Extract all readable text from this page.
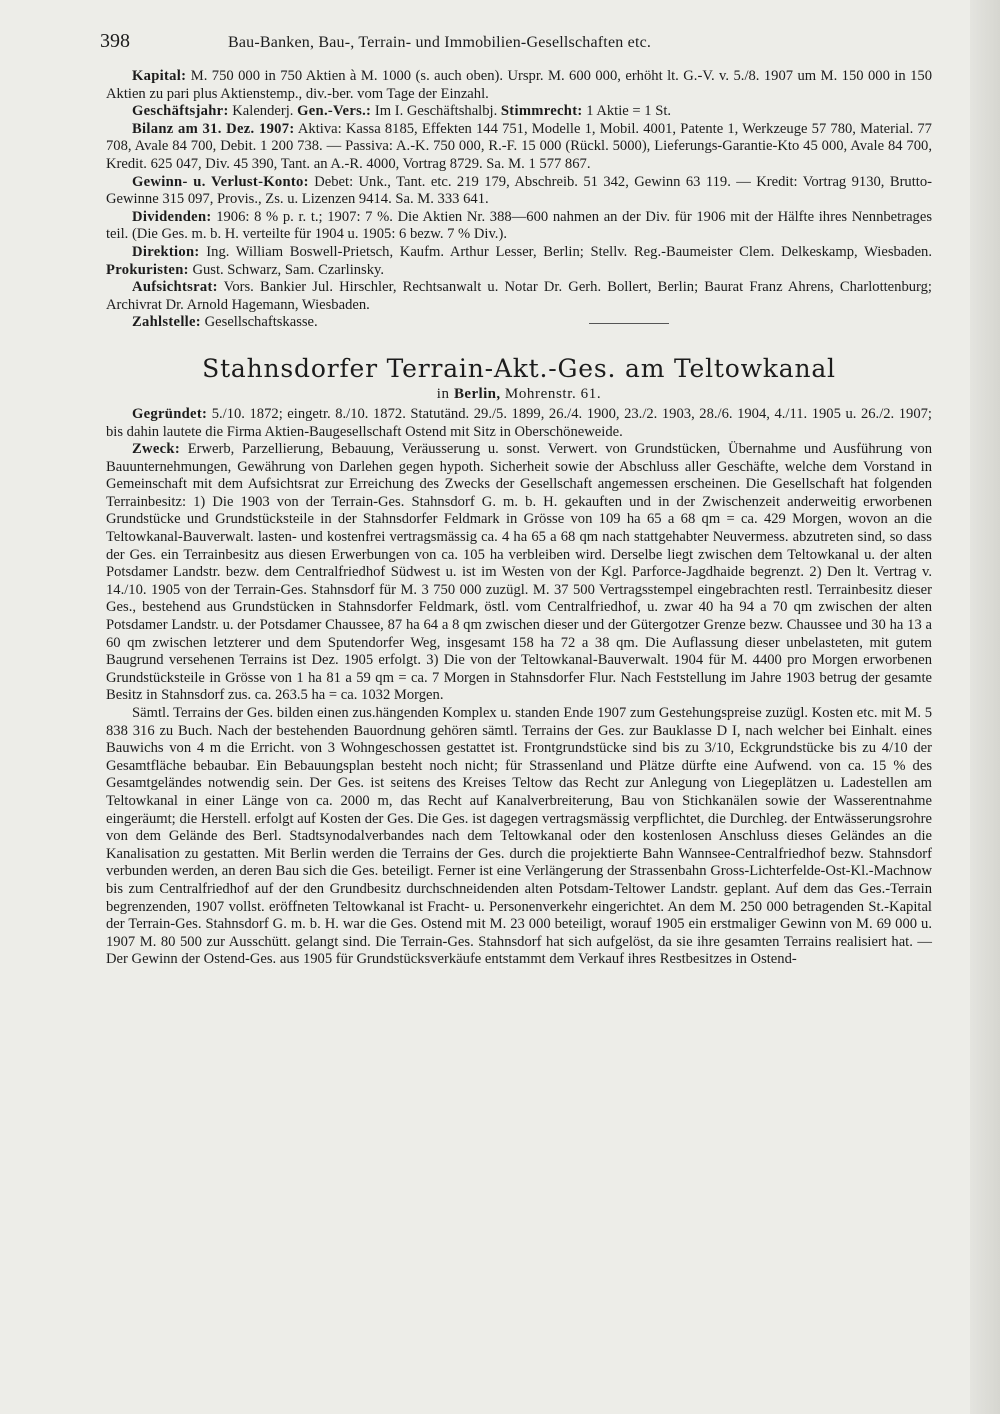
398	Bau-Banken, Bau-, Terrain- und Immobilien-Gesellschaften etc.

Kapital: M. 750 000 in 750 Aktien à M. 1000 (s. auch oben). Urspr. M. 600 000, erhöht lt. G.-V. v. 5./8. 1907 um M. 150 000 in 150 Aktien zu pari plus Aktienstemp., div.-ber. vom Tage der Einzahl.

Geschäftsjahr: Kalenderj. Gen.-Vers.: Im I. Geschäftshalbj. Stimmrecht: 1 Aktie = 1 St.

Bilanz am 31. Dez. 1907: Aktiva: Kassa 8185, Effekten 144 751, Modelle 1, Mobil. 4001, Patente 1, Werkzeuge 57 780, Material. 77 708, Avale 84 700, Debit. 1 200 738. — Passiva: A.-K. 750 000, R.-F. 15 000 (Rückl. 5000), Lieferungs-Garantie-Kto 45 000, Avale 84 700, Kredit. 625 047, Div. 45 390, Tant. an A.-R. 4000, Vortrag 8729. Sa. M. 1 577 867.

Gewinn- u. Verlust-Konto: Debet: Unk., Tant. etc. 219 179, Abschreib. 51 342, Gewinn 63 119. — Kredit: Vortrag 9130, Brutto-Gewinne 315 097, Provis., Zs. u. Lizenzen 9414. Sa. M. 333 641.

Dividenden: 1906: 8 % p. r. t.; 1907: 7 %. Die Aktien Nr. 388—600 nahmen an der Div. für 1906 mit der Hälfte ihres Nennbetrages teil. (Die Ges. m. b. H. verteilte für 1904 u. 1905: 6 bezw. 7 % Div.).

Direktion: Ing. William Boswell-Prietsch, Kaufm. Arthur Lesser, Berlin; Stellv. Reg.-Baumeister Clem. Delkeskamp, Wiesbaden. Prokuristen: Gust. Schwarz, Sam. Czarlinsky.

Aufsichtsrat: Vors. Bankier Jul. Hirschler, Rechtsanwalt u. Notar Dr. Gerh. Bollert, Berlin; Baurat Franz Ahrens, Charlottenburg; Archivrat Dr. Arnold Hagemann, Wiesbaden.

Zahlstelle: Gesellschaftskasse.

Stahnsdorfer Terrain-Akt.-Ges. am Teltowkanal
in Berlin, Mohrenstr. 61.

Gegründet: 5./10. 1872; eingetr. 8./10. 1872. Statutänd. 29./5. 1899, 26./4. 1900, 23./2. 1903, 28./6. 1904, 4./11. 1905 u. 26./2. 1907; bis dahin lautete die Firma Aktien-Baugesellschaft Ostend mit Sitz in Oberschöneweide.

Zweck: Erwerb, Parzellierung, Bebauung, Veräusserung u. sonst. Verwert. von Grundstücken, Übernahme und Ausführung von Bauunternehmungen, Gewährung von Darlehen gegen hypoth. Sicherheit sowie der Abschluss aller Geschäfte, welche dem Vorstand in Gemeinschaft mit dem Aufsichtsrat zur Erreichung des Zwecks der Gesellschaft angemessen erscheinen. Die Gesellschaft hat folgenden Terrainbesitz: 1) Die 1903 von der Terrain-Ges. Stahnsdorf G. m. b. H. gekauften und in der Zwischenzeit anderweitig erworbenen Grundstücke und Grundstücksteile in der Stahnsdorfer Feldmark in Grösse von 109 ha 65 a 68 qm = ca. 429 Morgen, wovon an die Teltowkanal-Bauverwalt. lasten- und kostenfrei vertragsmässig ca. 4 ha 65 a 68 qm nach stattgehabter Neuvermess. abzutreten sind, so dass der Ges. ein Terrainbesitz aus diesen Erwerbungen von ca. 105 ha verbleiben wird. Derselbe liegt zwischen dem Teltowkanal u. der alten Potsdamer Landstr. bezw. dem Centralfriedhof Südwest u. ist im Westen von der Kgl. Parforce-Jagdhaide begrenzt. 2) Den lt. Vertrag v. 14./10. 1905 von der Terrain-Ges. Stahnsdorf für M. 3 750 000 zuzügl. M. 37 500 Vertragsstempel eingebrachten restl. Terrainbesitz dieser Ges., bestehend aus Grundstücken in Stahnsdorfer Feldmark, östl. vom Centralfriedhof, u. zwar 40 ha 94 a 70 qm zwischen der alten Potsdamer Landstr. u. der Potsdamer Chaussee, 87 ha 64 a 8 qm zwischen dieser und der Gütergotzer Grenze bezw. Chaussee und 30 ha 13 a 60 qm zwischen letzterer und dem Sputendorfer Weg, insgesamt 158 ha 72 a 38 qm. Die Auflassung dieser unbelasteten, mit gutem Baugrund versehenen Terrains ist Dez. 1905 erfolgt. 3) Die von der Teltowkanal-Bauverwalt. 1904 für M. 4400 pro Morgen erworbenen Grundstücksteile in Grösse von 1 ha 81 a 59 qm = ca. 7 Morgen in Stahnsdorfer Flur. Nach Feststellung im Jahre 1903 betrug der gesamte Besitz in Stahnsdorf zus. ca. 263.5 ha = ca. 1032 Morgen.

Sämtl. Terrains der Ges. bilden einen zus.hängenden Komplex u. standen Ende 1907 zum Gestehungspreise zuzügl. Kosten etc. mit M. 5 838 316 zu Buch. Nach der bestehenden Bauordnung gehören sämtl. Terrains der Ges. zur Bauklasse D I, nach welcher bei Einhalt. eines Bauwichs von 4 m die Erricht. von 3 Wohngeschossen gestattet ist. Frontgrundstücke sind bis zu 3/10, Eckgrundstücke bis zu 4/10 der Gesamtfläche bebaubar. Ein Bebauungsplan besteht noch nicht; für Strassenland und Plätze dürfte eine Aufwend. von ca. 15 % des Gesamtgeländes notwendig sein. Der Ges. ist seitens des Kreises Teltow das Recht zur Anlegung von Liegeplätzen u. Ladestellen am Teltowkanal in einer Länge von ca. 2000 m, das Recht auf Kanalverbreiterung, Bau von Stichkanälen sowie der Wasserentnahme eingeräumt; die Herstell. erfolgt auf Kosten der Ges. Die Ges. ist dagegen vertragsmässig verpflichtet, die Durchleg. der Entwässerungsrohre von dem Gelände des Berl. Stadtsynodalverbandes nach dem Teltowkanal oder den kostenlosen Anschluss dieses Geländes an die Kanalisation zu gestatten. Mit Berlin werden die Terrains der Ges. durch die projektierte Bahn Wannsee-Centralfriedhof bezw. Stahnsdorf verbunden werden, an deren Bau sich die Ges. beteiligt. Ferner ist eine Verlängerung der Strassenbahn Gross-Lichterfelde-Ost-Kl.-Machnow bis zum Centralfriedhof auf der den Grundbesitz durchschneidenden alten Potsdam-Teltower Landstr. geplant. Auf dem das Ges.-Terrain begrenzenden, 1907 vollst. eröffneten Teltowkanal ist Fracht- u. Personenverkehr eingerichtet. An dem M. 250 000 betragenden St.-Kapital der Terrain-Ges. Stahnsdorf G. m. b. H. war die Ges. Ostend mit M. 23 000 beteiligt, worauf 1905 ein erstmaliger Gewinn von M. 69 000 u. 1907 M. 80 500 zur Ausschütt. gelangt sind. Die Terrain-Ges. Stahnsdorf hat sich aufgelöst, da sie ihre gesamten Terrains realisiert hat. — Der Gewinn der Ostend-Ges. aus 1905 für Grundstücksverkäufe entstammt dem Verkauf ihres Restbesitzes in Ostend-
